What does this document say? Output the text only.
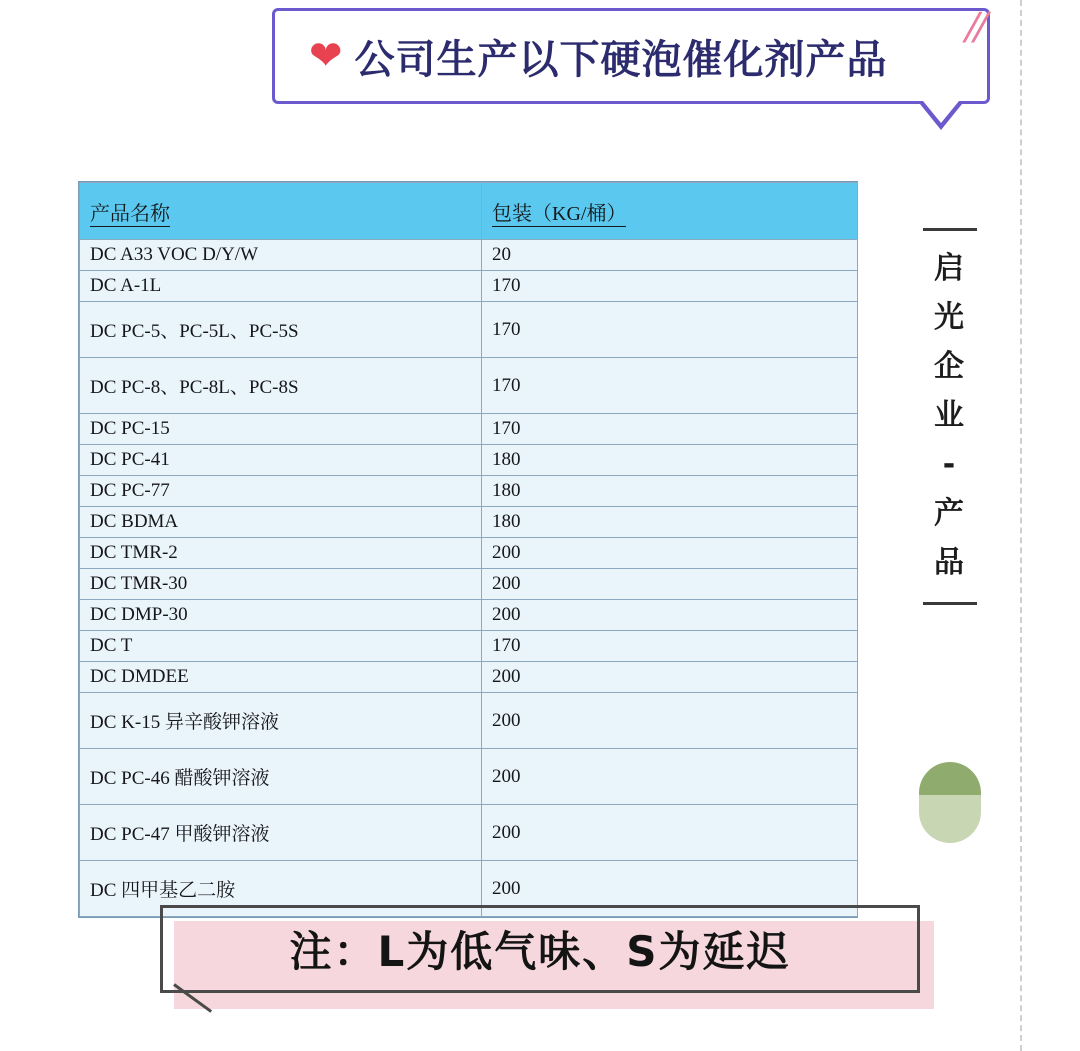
❤ 公司生产以下硬泡催化剂产品
//
产品名称	包装（KG/桶）
DC A33 VOC D/Y/W	20
DC A-1L	170
DC PC-5、PC-5L、PC-5S	170
DC PC-8、PC-8L、PC-8S	170
DC PC-15	170
DC PC-41	180
DC PC-77	180
DC BDMA	180
DC TMR-2	200
DC TMR-30	200
DC DMP-30	200
DC T	170
DC DMDEE	200
DC K-15 异辛酸钾溶液	200
DC PC-46 醋酸钾溶液	200
DC PC-47 甲酸钾溶液	200
DC 四甲基乙二胺	200
启
光
企
业
-
产
品
注：L为低气味、S为延迟
